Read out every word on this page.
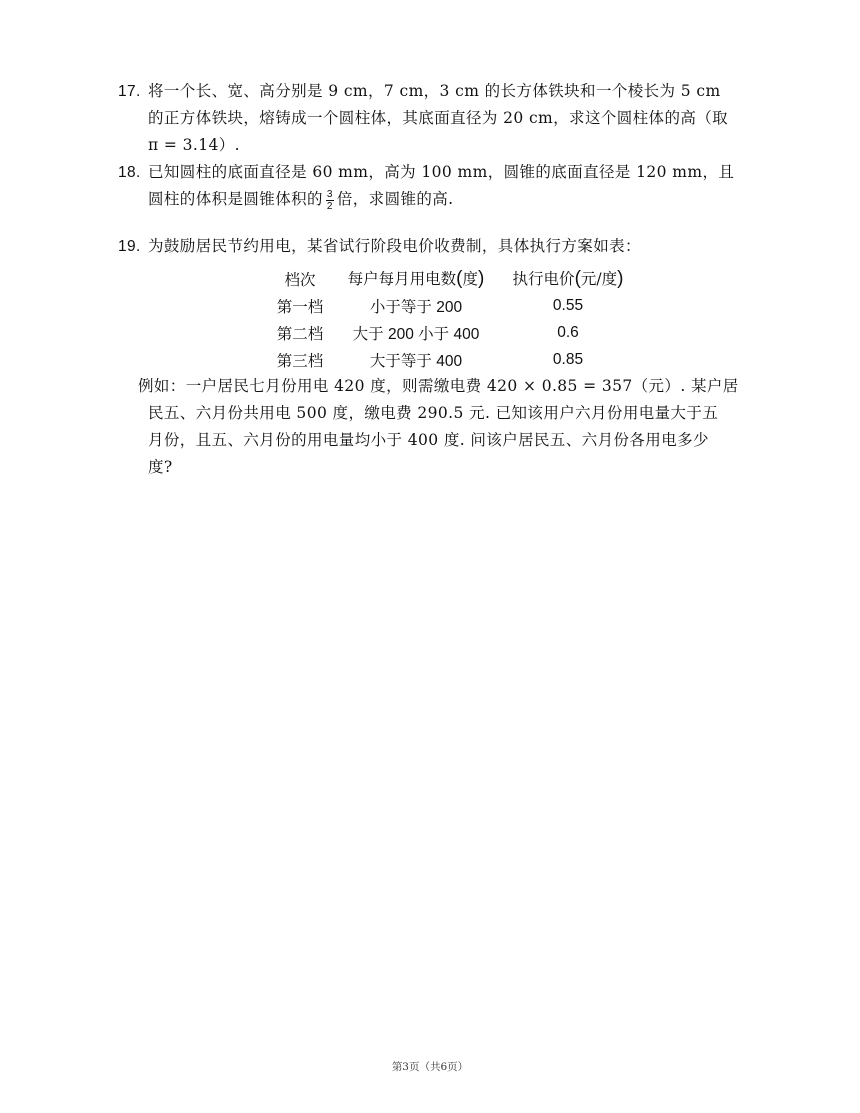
17. 将一个长、宽、高分别是 9 cm，7 cm，3 cm 的长方体铁块和一个棱长为 5 cm
的正方体铁块，熔铸成一个圆柱体，其底面直径为 20 cm，求这个圆柱体的高（取
π = 3.14）.
18. 已知圆柱的底面直径是 60 mm，高为 100 mm，圆锥的底面直径是 120 mm，且
圆柱的体积是圆锥体积的 $\frac{3}{2}$ 倍，求圆锥的高.
19. 为鼓励居民节约用电，某省试行阶段电价收费制，具体执行方案如表：
档次	每户每月用电数(度)	执行电价(元/度)
第一档	小于等于 200	0.55
第二档	大于 200 小于 400	0.6
第三档	大于等于 400	0.85
例如：一户居民七月份用电 420 度，则需缴电费 420 × 0.85 = 357（元）. 某户居
民五、六月份共用电 500 度，缴电费 290.5 元. 已知该用户六月份用电量大于五
月份，且五、六月份的用电量均小于 400 度. 问该户居民五、六月份各用电多少
度?
第3页（共6页）
